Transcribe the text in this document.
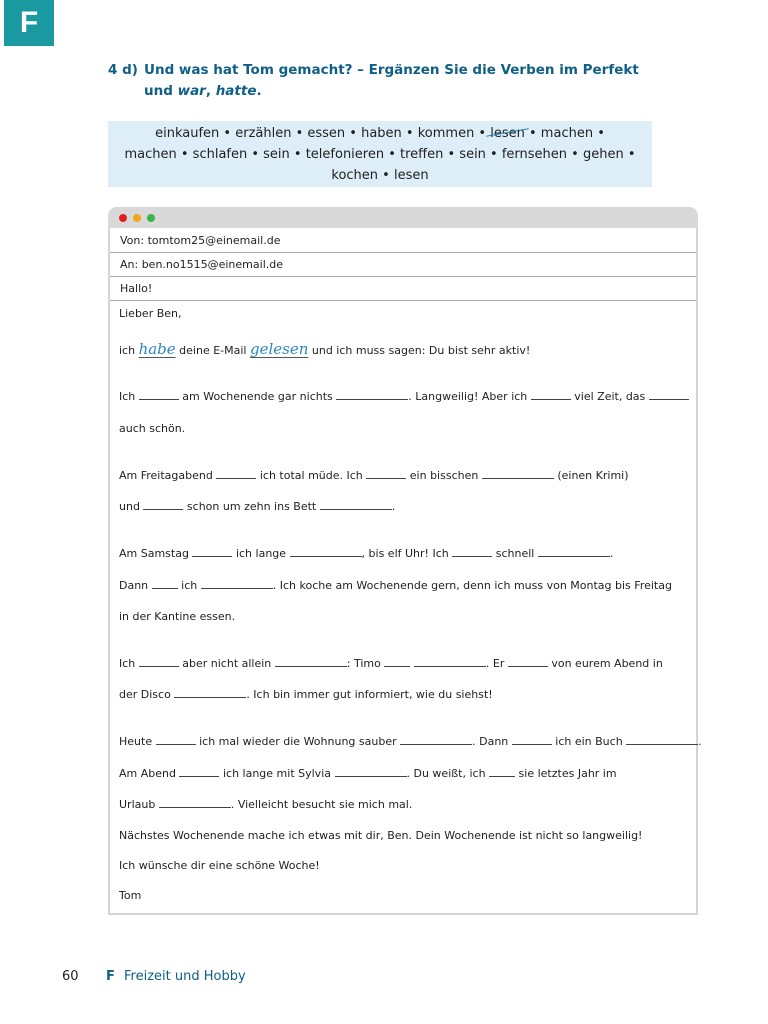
F
4 d) Und was hat Tom gemacht? – Ergänzen Sie die Verben im Perfekt
und war, hatte.
einkaufen • erzählen • essen • haben • kommen • lesen • machen •
machen • schlafen • sein • telefonieren • treffen • sein • fernsehen • gehen •
kochen • lesen
Von: tomtom25@einemail.de
An: ben.no1515@einemail.de
Hallo!
Lieber Ben,
ich habe deine E-Mail gelesen und ich muss sagen: Du bist sehr aktiv!
Ich	am Wochenende gar nichts	. Langweilig! Aber ich	viel Zeit, das
auch schön.
Am Freitagabend	ich total müde. Ich	ein bisschen	(einen Krimi)
und	schon um zehn ins Bett	.
Am Samstag	ich lange	, bis elf Uhr! Ich	schnell	.
Dann  ich	. Ich koche am Wochenende gern, denn ich muss von Montag bis Freitag
in der Kantine essen.
Ich	aber nicht allein	: Timo	. Er	von eurem Abend in
der Disco	. Ich bin immer gut informiert, wie du siehst!
Heute	ich mal wieder die Wohnung sauber	. Dann	ich ein Buch	.
Am Abend	ich lange mit Sylvia	. Du weißt, ich  sie letztes Jahr im
Urlaub	. Vielleicht besucht sie mich mal.
Nächstes Wochenende mache ich etwas mit dir, Ben. Dein Wochenende ist nicht so langweilig!
Ich wünsche dir eine schöne Woche!
Tom
60 F Freizeit und Hobby
